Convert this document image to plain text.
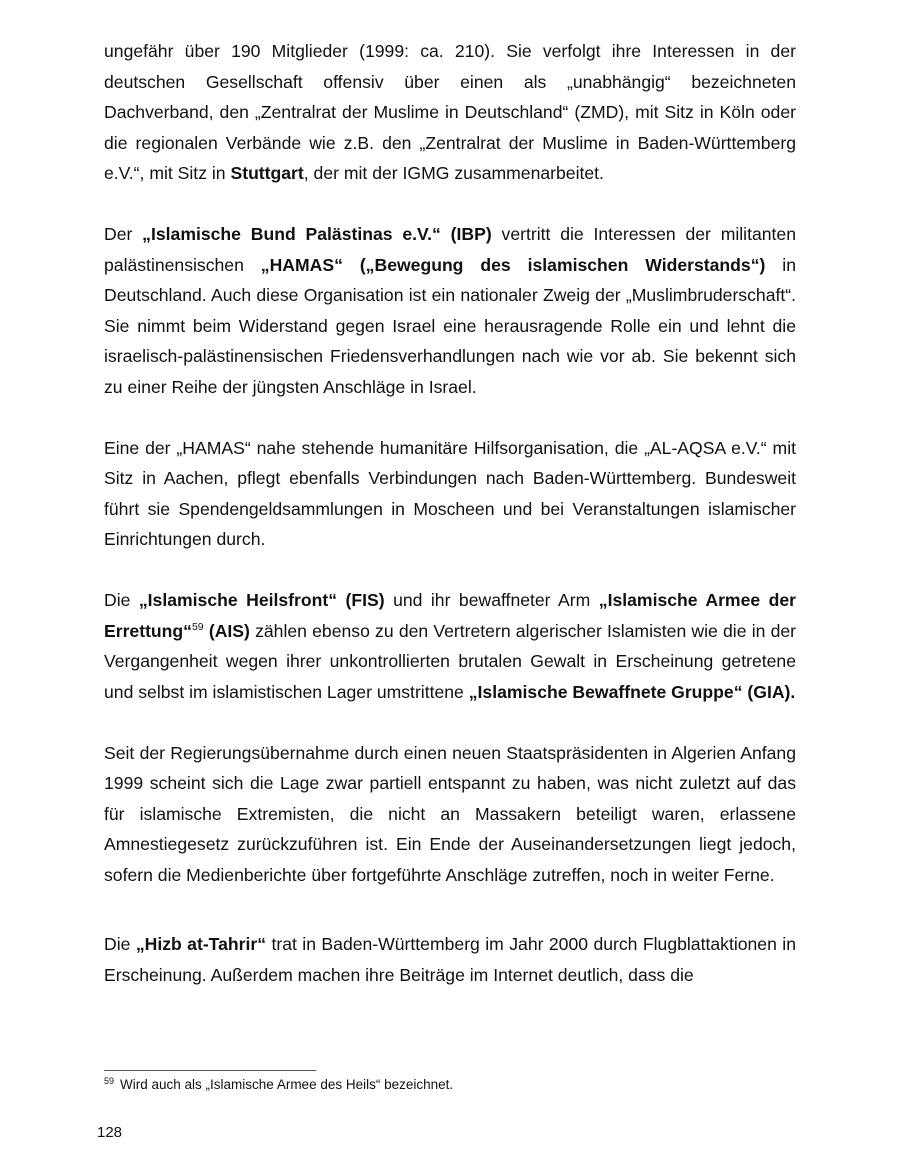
ungefähr über 190 Mitglieder (1999: ca. 210). Sie verfolgt ihre Interessen in der deutschen Gesellschaft offensiv über einen als „unabhängig“ bezeichneten Dachverband, den „Zentralrat der Muslime in Deutschland“ (ZMD), mit Sitz in Köln oder die regionalen Verbände wie z.B. den „Zentralrat der Muslime in Baden-Württemberg e.V.“, mit Sitz in Stuttgart, der mit der IGMG zusammenarbeitet.

Der „Islamische Bund Palästinas e.V.“ (IBP) vertritt die Interessen der militanten palästinensischen „HAMAS“ („Bewegung des islamischen Widerstands“) in Deutschland. Auch diese Organisation ist ein nationaler Zweig der „Muslimbruderschaft“. Sie nimmt beim Widerstand gegen Israel eine herausragende Rolle ein und lehnt die israelisch-palästinensischen Friedensverhandlungen nach wie vor ab. Sie bekennt sich zu einer Reihe der jüngsten Anschläge in Israel.

Eine der „HAMAS“ nahe stehende humanitäre Hilfsorganisation, die „AL-AQSA e.V.“ mit Sitz in Aachen, pflegt ebenfalls Verbindungen nach Baden-Württemberg. Bundesweit führt sie Spendengeldsammlungen in Moscheen und bei Veranstaltungen islamischer Einrichtungen durch.

Die „Islamische Heilsfront“ (FIS) und ihr bewaffneter Arm „Islamische Armee der Errettung“$^{59}$ (AIS) zählen ebenso zu den Vertretern algerischer Islamisten wie die in der Vergangenheit wegen ihrer unkontrollierten brutalen Gewalt in Erscheinung getretene und selbst im islamistischen Lager umstrittene „Islamische Bewaffnete Gruppe“ (GIA).

Seit der Regierungsübernahme durch einen neuen Staatspräsidenten in Algerien Anfang 1999 scheint sich die Lage zwar partiell entspannt zu haben, was nicht zuletzt auf das für islamische Extremisten, die nicht an Massakern beteiligt waren, erlassene Amnestiegesetz zurückzuführen ist. Ein Ende der Auseinandersetzungen liegt jedoch, sofern die Medienberichte über fortgeführte Anschläge zutreffen, noch in weiter Ferne.

Die „Hizb at-Tahrir“ trat in Baden-Württemberg im Jahr 2000 durch Flugblattaktionen in Erscheinung. Außerdem machen ihre Beiträge im Internet deutlich, dass die

$^{59}$ Wird auch als „Islamische Armee des Heils“ bezeichnet.
128
